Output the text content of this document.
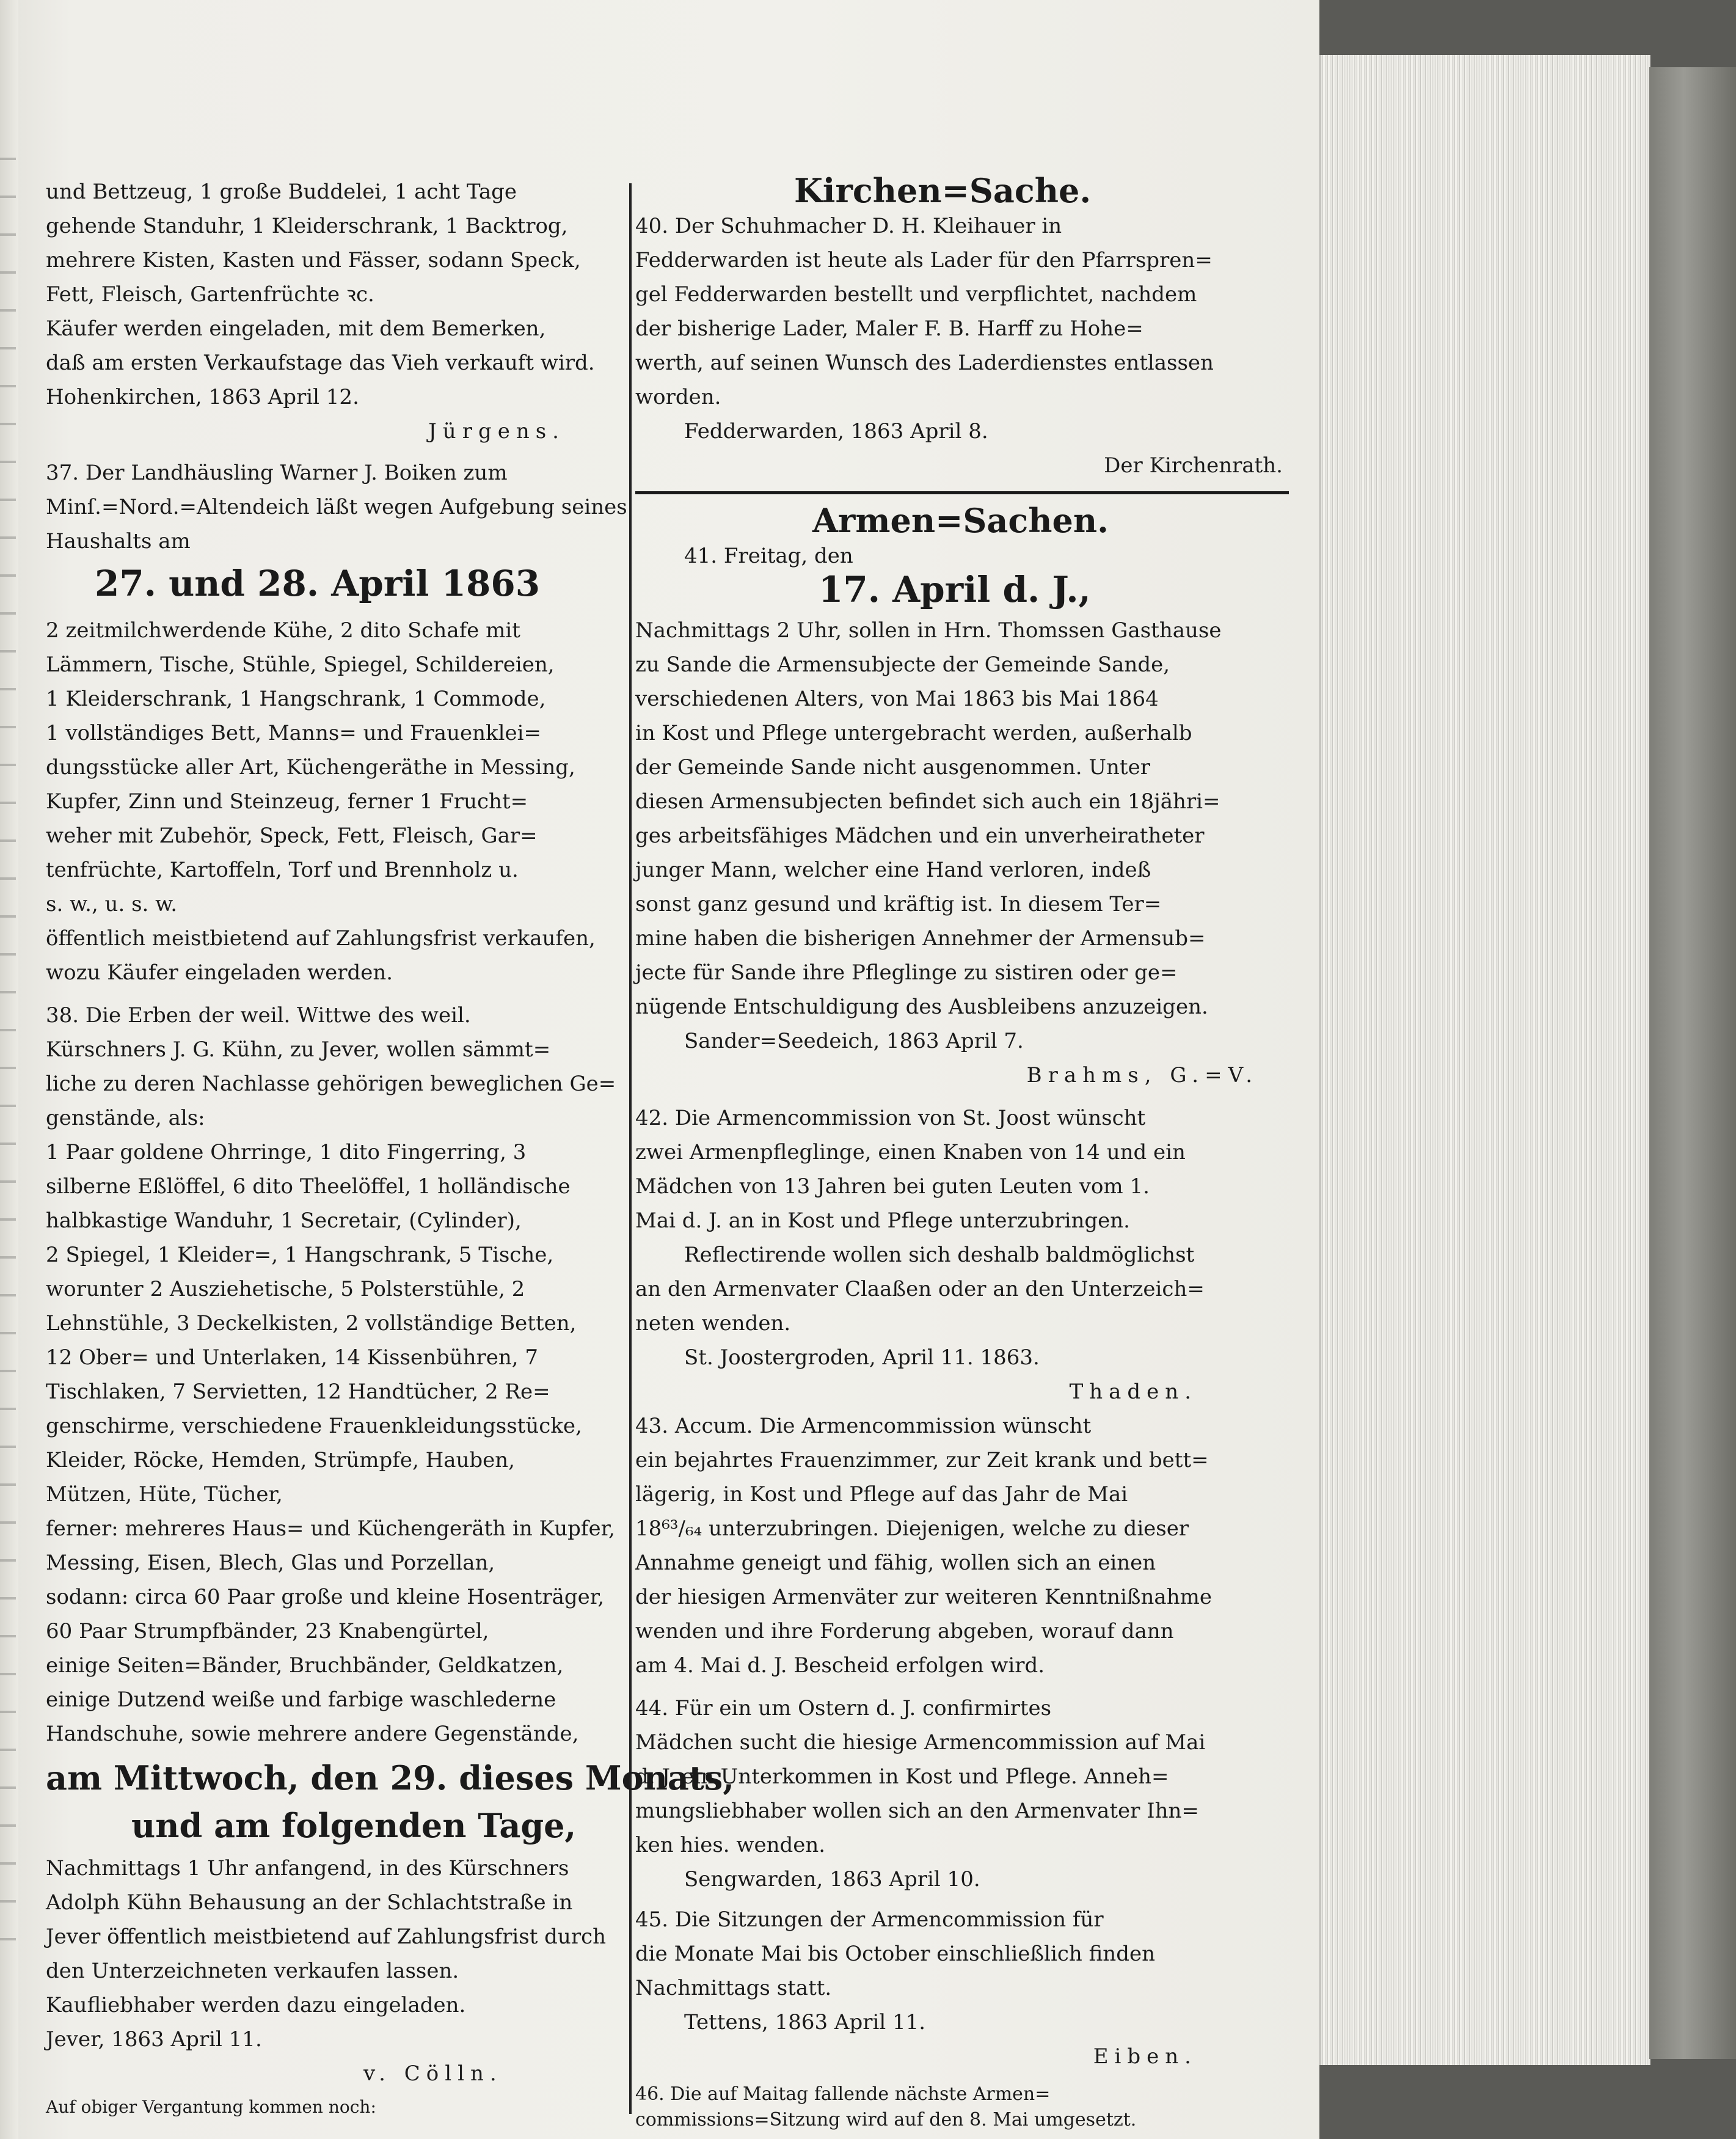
und Bettzeug, 1 große Buddelei, 1 acht Tage
gehende Standuhr, 1 Kleiderschrank, 1 Backtrog,
mehrere Kisten, Kasten und Fässer, sodann Speck,
Fett, Fleisch, Gartenfrüchte ꝛc.
Käufer werden eingeladen, mit dem Bemerken,
daß am ersten Verkaufstage das Vieh verkauft wird.
Hohenkirchen, 1863 April 12.
Jürgens.
37. Der Landhäusling Warner J. Boiken zum
Minſ.=Nord.=Altendeich läßt wegen Aufgebung seines
Haushalts am
27. und 28. April 1863
2 zeitmilchwerdende Kühe, 2 dito Schafe mit
Lämmern, Tische, Stühle, Spiegel, Schildereien,
1 Kleiderschrank, 1 Hangschrank, 1 Commode,
1 vollständiges Bett, Manns= und Frauenklei=
dungsstücke aller Art, Küchengeräthe in Messing,
Kupfer, Zinn und Steinzeug, ferner 1 Frucht=
weher mit Zubehör, Speck, Fett, Fleisch, Gar=
tenfrüchte, Kartoffeln, Torf und Brennholz u.
s. w., u. s. w.
öffentlich meistbietend auf Zahlungsfrist verkaufen,
wozu Käufer eingeladen werden.
38. Die Erben der weil. Wittwe des weil.
Kürschners J. G. Kühn, zu Jever, wollen sämmt=
liche zu deren Nachlasse gehörigen beweglichen Ge=
genstände, als:
1 Paar goldene Ohrringe, 1 dito Fingerring, 3
silberne Eßlöffel, 6 dito Theelöffel, 1 holländische
halbkastige Wanduhr, 1 Secretair, (Cylinder),
2 Spiegel, 1 Kleider=, 1 Hangschrank, 5 Tische,
worunter 2 Ausziehetische, 5 Polsterstühle, 2
Lehnstühle, 3 Deckelkisten, 2 vollständige Betten,
12 Ober= und Unterlaken, 14 Kissenbühren, 7
Tischlaken, 7 Servietten, 12 Handtücher, 2 Re=
genschirme, verschiedene Frauenkleidungsstücke,
Kleider, Röcke, Hemden, Strümpfe, Hauben,
Mützen, Hüte, Tücher,
ferner: mehreres Haus= und Küchengeräth in Kupfer,
Messing, Eisen, Blech, Glas und Porzellan,
sodann: circa 60 Paar große und kleine Hosenträger,
60 Paar Strumpfbänder, 23 Knabengürtel,
einige Seiten=Bänder, Bruchbänder, Geldkatzen,
einige Dutzend weiße und farbige waschlederne
Handschuhe, sowie mehrere andere Gegenstände,
am Mittwoch, den 29. dieses Monats,
und am folgenden Tage,
Nachmittags 1 Uhr anfangend, in des Kürschners
Adolph Kühn Behausung an der Schlachtstraße in
Jever öffentlich meistbietend auf Zahlungsfrist durch
den Unterzeichneten verkaufen lassen.
Kaufliebhaber werden dazu eingeladen.
Jever, 1863 April 11.
v. Cölln.
Auf obiger Vergantung kommen noch:
Kirchen=Sache.
40. Der Schuhmacher D. H. Kleihauer in
Fedderwarden ist heute als Lader für den Pfarrspren=
gel Fedderwarden bestellt und verpflichtet, nachdem
der bisherige Lader, Maler F. B. Harff zu Hohe=
werth, auf seinen Wunsch des Laderdienstes entlassen
worden.
Fedderwarden, 1863 April 8.
Der Kirchenrath.
Armen=Sachen.
41. Freitag, den
17. April d. J.,
Nachmittags 2 Uhr, sollen in Hrn. Thomssen Gasthause
zu Sande die Armensubjecte der Gemeinde Sande,
verschiedenen Alters, von Mai 1863 bis Mai 1864
in Kost und Pflege untergebracht werden, außerhalb
der Gemeinde Sande nicht ausgenommen. Unter
diesen Armensubjecten befindet sich auch ein 18jähri=
ges arbeitsfähiges Mädchen und ein unverheiratheter
junger Mann, welcher eine Hand verloren, indeß
sonst ganz gesund und kräftig ist. In diesem Ter=
mine haben die bisherigen Annehmer der Armensub=
jecte für Sande ihre Pfleglinge zu sistiren oder ge=
nügende Entschuldigung des Ausbleibens anzuzeigen.
Sander=Seedeich, 1863 April 7.
Brahms, G.=V.
42. Die Armencommission von St. Joost wünscht
zwei Armenpfleglinge, einen Knaben von 14 und ein
Mädchen von 13 Jahren bei guten Leuten vom 1.
Mai d. J. an in Kost und Pflege unterzubringen.
Reflectirende wollen sich deshalb baldmöglichst
an den Armenvater Claaßen oder an den Unterzeich=
neten wenden.
St. Joostergroden, April 11. 1863.
Thaden.
43. Accum. Die Armencommission wünscht
ein bejahrtes Frauenzimmer, zur Zeit krank und bett=
lägerig, in Kost und Pflege auf das Jahr de Mai
18⁶³/₆₄ unterzubringen. Diejenigen, welche zu dieser
Annahme geneigt und fähig, wollen sich an einen
der hiesigen Armenväter zur weiteren Kenntnißnahme
wenden und ihre Forderung abgeben, worauf dann
am 4. Mai d. J. Bescheid erfolgen wird.
44. Für ein um Ostern d. J. confirmirtes
Mädchen sucht die hiesige Armencommission auf Mai
d. J. ein Unterkommen in Kost und Pflege. Anneh=
mungsliebhaber wollen sich an den Armenvater Ihn=
ken hies. wenden.
Sengwarden, 1863 April 10.
45. Die Sitzungen der Armencommission für
die Monate Mai bis October einschließlich finden
Nachmittags statt.
Tettens, 1863 April 11.
Eiben.
46. Die auf Maitag fallende nächste Armen=
commissions=Sitzung wird auf den 8. Mai umgesetzt.
